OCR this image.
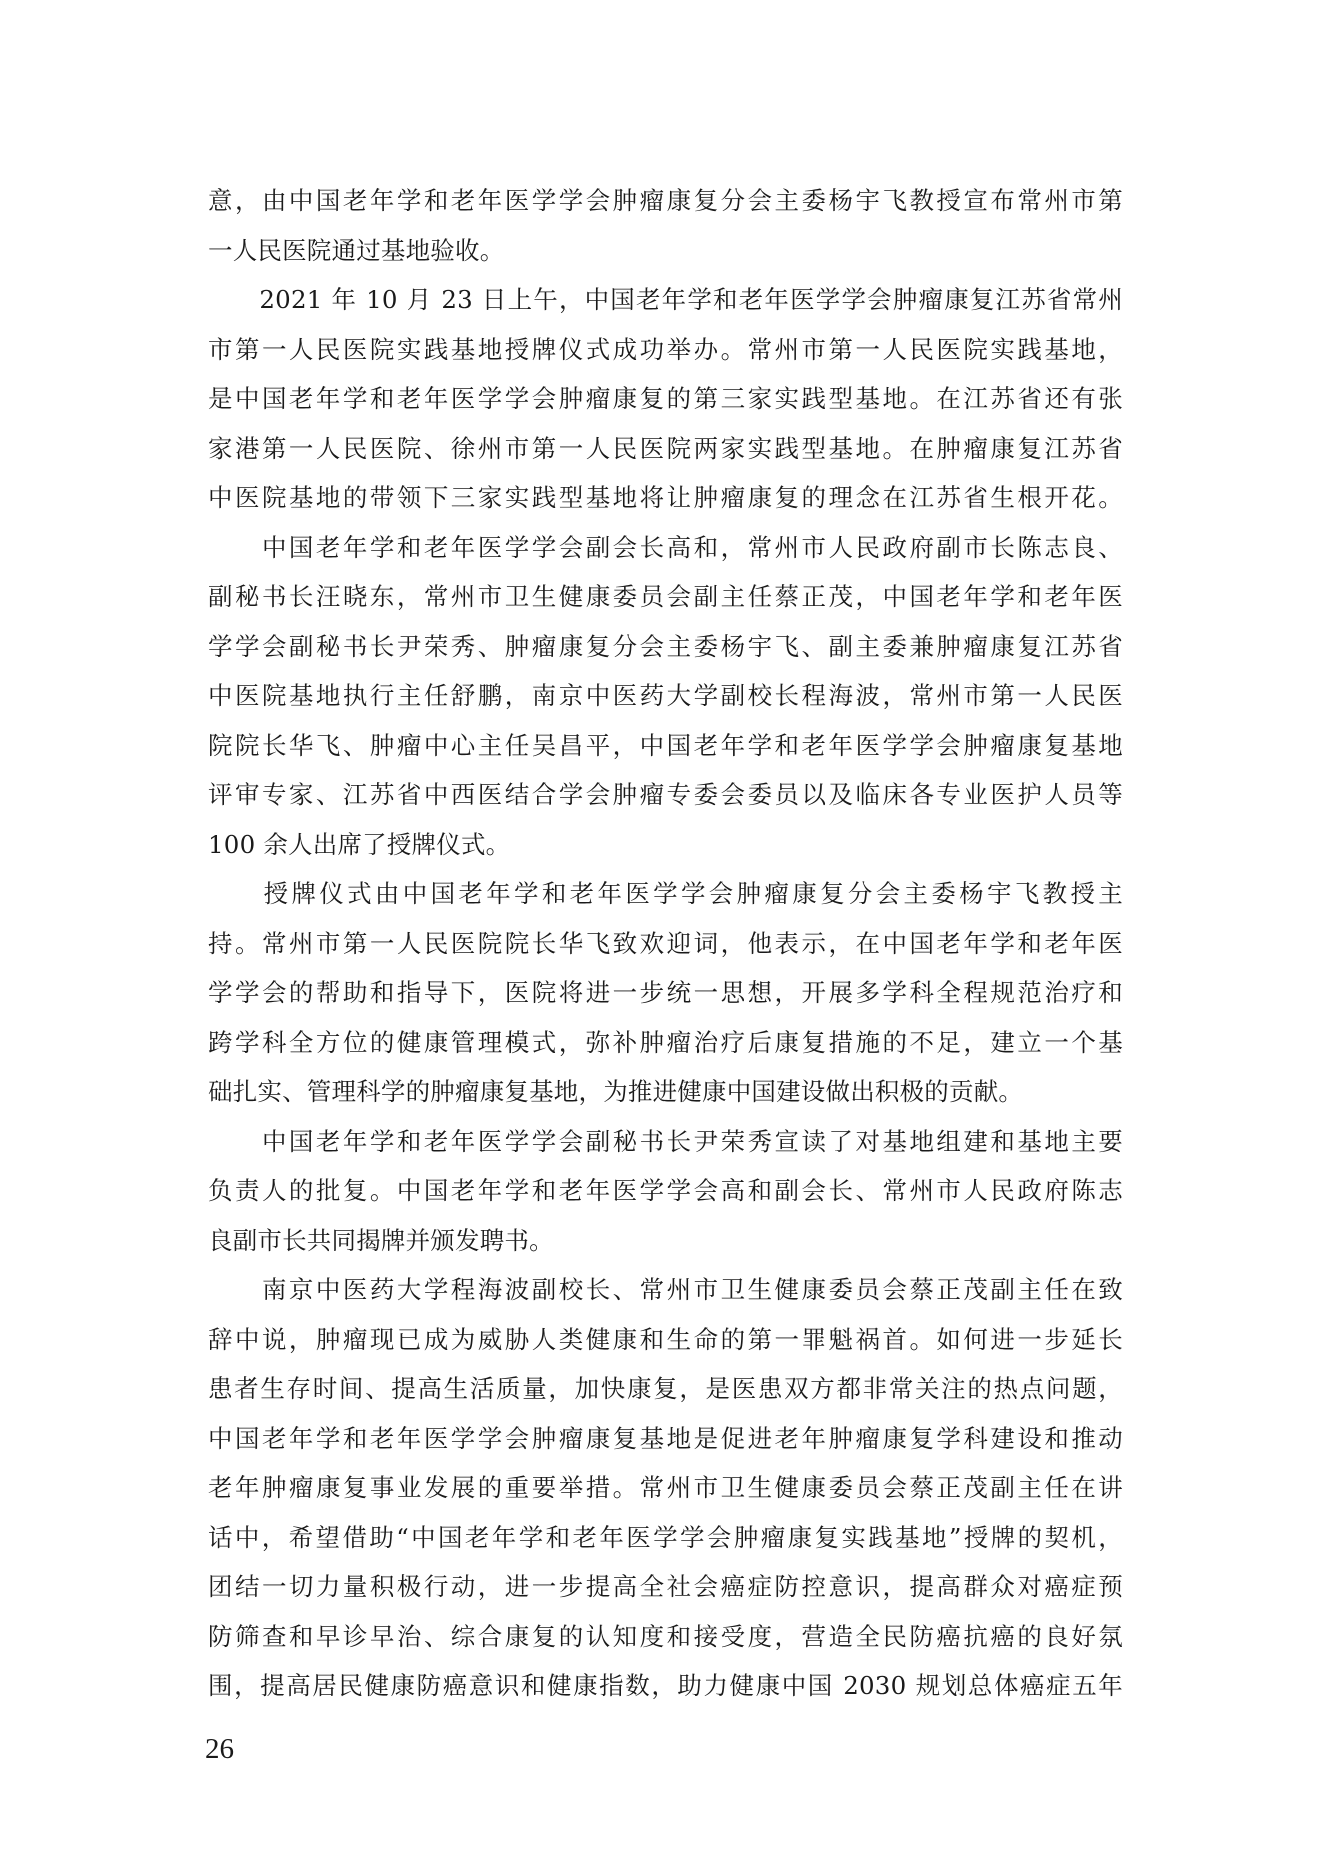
意，由中国老年学和老年医学学会肿瘤康复分会主委杨宇飞教授宣布常州市第
一人民医院通过基地验收。
　　2021 年 10 月 23 日上午，中国老年学和老年医学学会肿瘤康复江苏省常州
市第一人民医院实践基地授牌仪式成功举办。常州市第一人民医院实践基地，
是中国老年学和老年医学学会肿瘤康复的第三家实践型基地。在江苏省还有张
家港第一人民医院、徐州市第一人民医院两家实践型基地。在肿瘤康复江苏省
中医院基地的带领下三家实践型基地将让肿瘤康复的理念在江苏省生根开花。
　　中国老年学和老年医学学会副会长高和，常州市人民政府副市长陈志良、
副秘书长汪晓东，常州市卫生健康委员会副主任蔡正茂，中国老年学和老年医
学学会副秘书长尹荣秀、肿瘤康复分会主委杨宇飞、副主委兼肿瘤康复江苏省
中医院基地执行主任舒鹏，南京中医药大学副校长程海波，常州市第一人民医
院院长华飞、肿瘤中心主任吴昌平，中国老年学和老年医学学会肿瘤康复基地
评审专家、江苏省中西医结合学会肿瘤专委会委员以及临床各专业医护人员等
100 余人出席了授牌仪式。
　　授牌仪式由中国老年学和老年医学学会肿瘤康复分会主委杨宇飞教授主
持。常州市第一人民医院院长华飞致欢迎词，他表示，在中国老年学和老年医
学学会的帮助和指导下，医院将进一步统一思想，开展多学科全程规范治疗和
跨学科全方位的健康管理模式，弥补肿瘤治疗后康复措施的不足，建立一个基
础扎实、管理科学的肿瘤康复基地，为推进健康中国建设做出积极的贡献。
　　中国老年学和老年医学学会副秘书长尹荣秀宣读了对基地组建和基地主要
负责人的批复。中国老年学和老年医学学会高和副会长、常州市人民政府陈志
良副市长共同揭牌并颁发聘书。
　　南京中医药大学程海波副校长、常州市卫生健康委员会蔡正茂副主任在致
辞中说，肿瘤现已成为威胁人类健康和生命的第一罪魁祸首。如何进一步延长
患者生存时间、提高生活质量，加快康复，是医患双方都非常关注的热点问题，
中国老年学和老年医学学会肿瘤康复基地是促进老年肿瘤康复学科建设和推动
老年肿瘤康复事业发展的重要举措。常州市卫生健康委员会蔡正茂副主任在讲
话中，希望借助“中国老年学和老年医学学会肿瘤康复实践基地”授牌的契机，
团结一切力量积极行动，进一步提高全社会癌症防控意识，提高群众对癌症预
防筛查和早诊早治、综合康复的认知度和接受度，营造全民防癌抗癌的良好氛
围，提高居民健康防癌意识和健康指数，助力健康中国 2030 规划总体癌症五年
26
